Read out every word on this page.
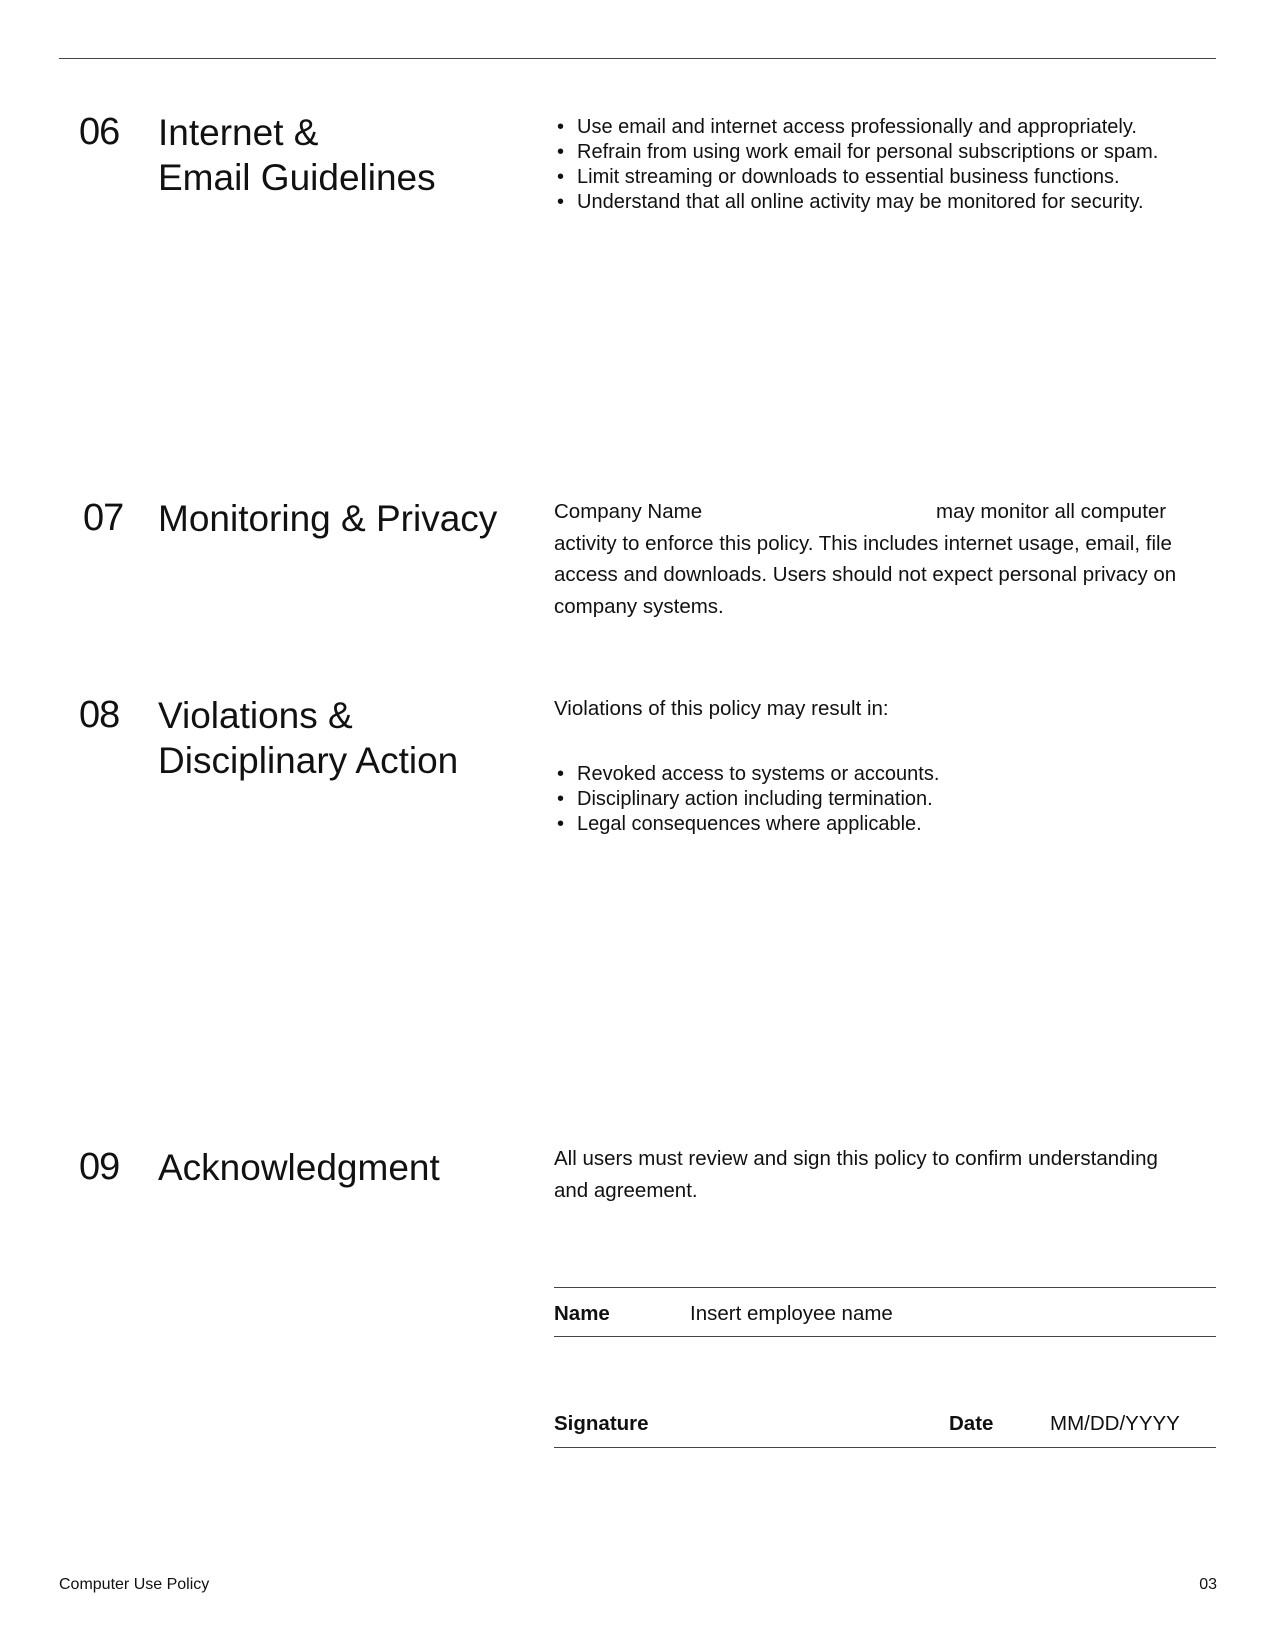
06 Internet &
Email Guidelines
• Use email and internet access professionally and appropriately.
• Refrain from using work email for personal subscriptions or spam.
• Limit streaming or downloads to essential business functions.
• Understand that all online activity may be monitored for security.
07 Monitoring & Privacy	Company Name	may monitor all computer
activity to enforce this policy. This includes internet usage, email, file access and downloads. Users should not expect personal privacy on company systems.
08 Violations &
Disciplinary Action
Violations of this policy may result in:
• Revoked access to systems or accounts.
• Disciplinary action including termination.
• Legal consequences where applicable.
09 Acknowledgment	All users must review and sign this policy to confirm understanding and agreement.
Name	Insert employee name
Signature	Date	MM/DD/YYYY
Computer Use Policy	03
